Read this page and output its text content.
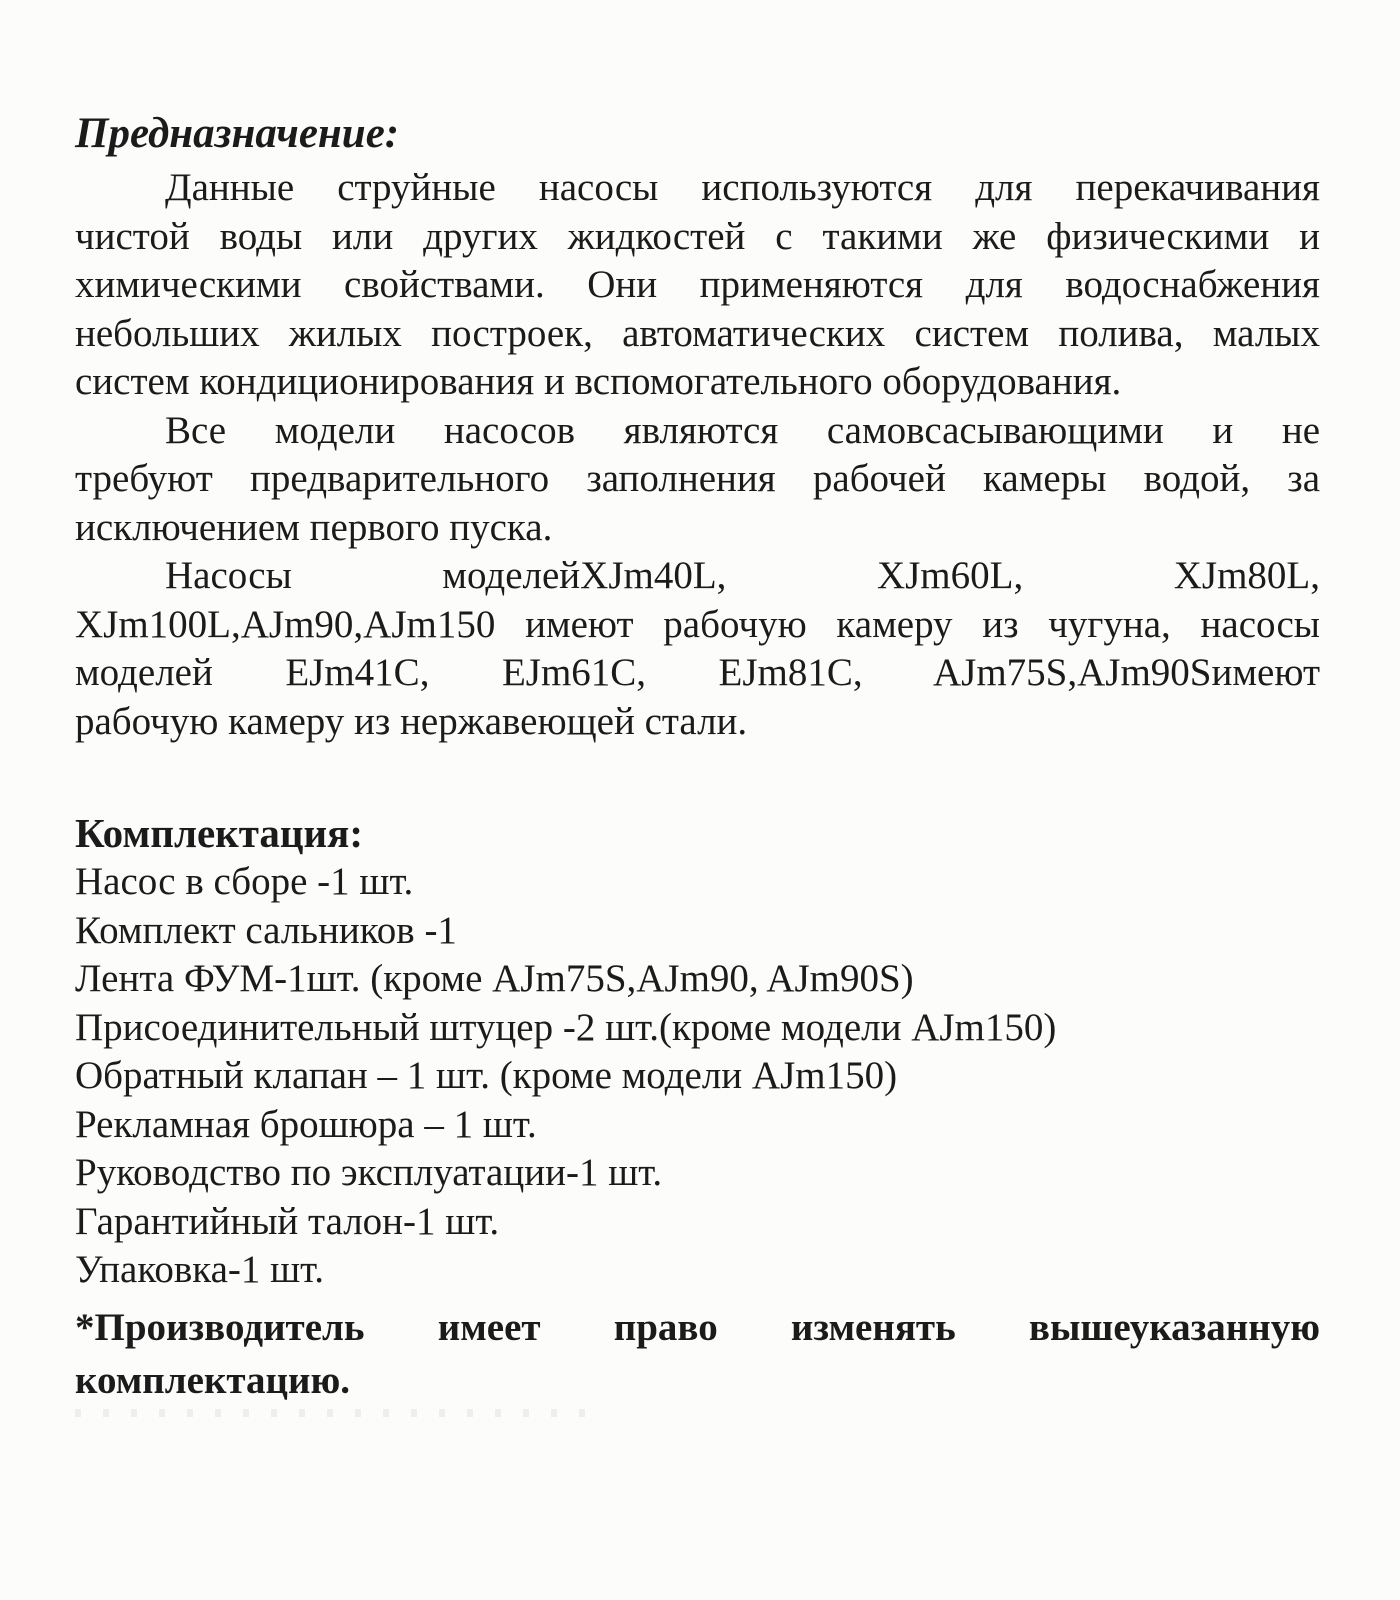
Предназначение:
Данные струйные насосы используются для перекачивания
чистой воды или других жидкостей с такими же физическими и
химическими свойствами. Они применяются для водоснабжения
небольших жилых построек, автоматических систем полива, малых
систем кондиционирования и вспомогательного оборудования.
Все модели насосов являются самовсасывающими и не
требуют предварительного заполнения рабочей камеры водой, за
исключением первого пуска.
Насосы моделейXJm40L, XJm60L, XJm80L,
XJm100L,AJm90,AJm150 имеют рабочую камеру из чугуна, насосы
моделей EJm41C, EJm61C, EJm81C, AJm75S,AJm90Sимеют
рабочую камеру из нержавеющей стали.
Комплектация:
Насос в сборе -1 шт.
Комплект сальников -1
Лента ФУМ-1шт. (кроме AJm75S,AJm90, AJm90S)
Присоединительный штуцер -2 шт.(кроме модели AJm150)
Обратный клапан – 1 шт. (кроме модели AJm150)
Рекламная брошюра – 1 шт.
Руководство по эксплуатации-1 шт.
Гарантийный талон-1 шт.
Упаковка-1 шт.
*Производитель имеет право изменять вышеуказанную
комплектацию.
